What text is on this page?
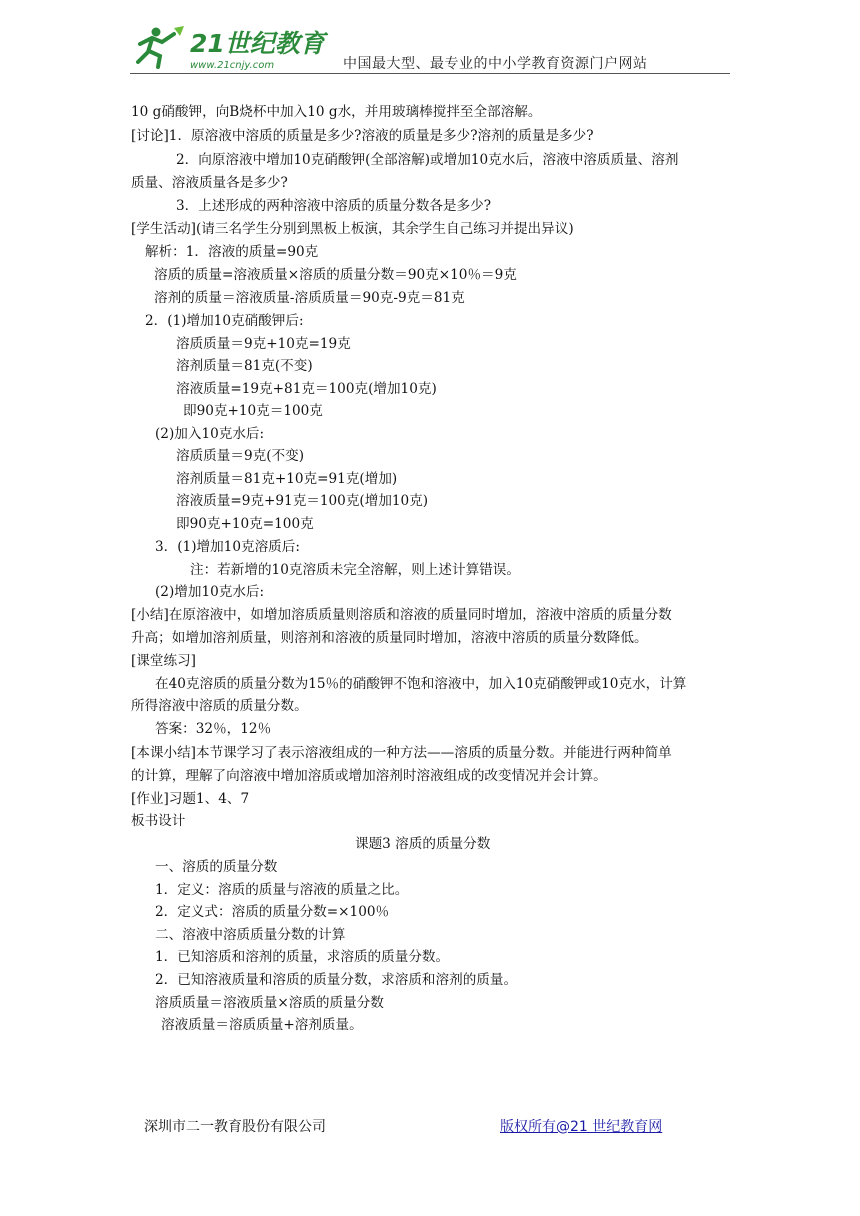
21世纪教育
www.21cnjy.com	中国最大型、最专业的中小学教育资源门户网站
10 g硝酸钾，向B烧杯中加入10 g水，并用玻璃棒搅拌至全部溶解。
[讨论]1．原溶液中溶质的质量是多少?溶液的质量是多少?溶剂的质量是多少?
2．向原溶液中增加10克硝酸钾(全部溶解)或增加10克水后，溶液中溶质质量、溶剂
质量、溶液质量各是多少?
3．上述形成的两种溶液中溶质的质量分数各是多少?
[学生活动](请三名学生分别到黑板上板演，其余学生自己练习并提出异议)
解析：1．溶液的质量=90克
溶质的质量=溶液质量×溶质的质量分数＝90克×10％＝9克
溶剂的质量＝溶液质量-溶质质量＝90克-9克＝81克
2．(1)增加10克硝酸钾后:
溶质质量＝9克+10克=19克
溶剂质量＝81克(不变)
溶液质量=19克+81克＝100克(增加10克)
即90克+10克＝100克
(2)加入10克水后:
溶质质量＝9克(不变)
溶剂质量＝81克+10克=91克(增加)
溶液质量=9克+91克＝100克(增加10克)
即90克+10克=100克
3．(1)增加10克溶质后:
注：若新增的10克溶质未完全溶解，则上述计算错误。
(2)增加10克水后:
[小结]在原溶液中，如增加溶质质量则溶质和溶液的质量同时增加，溶液中溶质的质量分数
升高；如增加溶剂质量，则溶剂和溶液的质量同时增加，溶液中溶质的质量分数降低。
[课堂练习]
在40克溶质的质量分数为15％的硝酸钾不饱和溶液中，加入10克硝酸钾或10克水，计算
所得溶液中溶质的质量分数。
答案：32％，12％
[本课小结]本节课学习了表示溶液组成的一种方法——溶质的质量分数。并能进行两种简单
的计算，理解了向溶液中增加溶质或增加溶剂时溶液组成的改变情况并会计算。
[作业]习题1、4、7
板书设计
课题3 溶质的质量分数
一、溶质的质量分数
1．定义：溶质的质量与溶液的质量之比。
2．定义式：溶质的质量分数=×100％
二、溶液中溶质质量分数的计算
1．已知溶质和溶剂的质量，求溶质的质量分数。
2．已知溶液质量和溶质的质量分数，求溶质和溶剂的质量。
溶质质量＝溶液质量×溶质的质量分数
溶液质量＝溶质质量+溶剂质量。
深圳市二一教育股份有限公司	版权所有@21 世纪教育网
